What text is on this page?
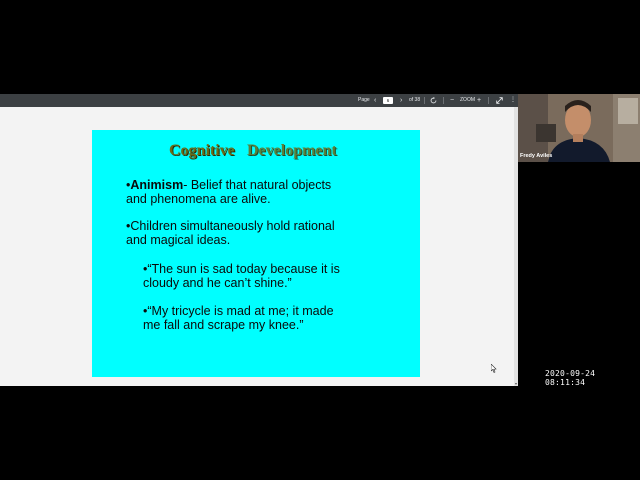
Page ‹	6	› of 38	− ZOOM +	⋮
Cognitive Development
•Animism- Belief that natural objects
and phenomena are alive.
•Children simultaneously hold rational
and magical ideas.
•“The sun is sad today because it is
cloudy and he can’t shine.”
•“My tricycle is mad at me; it made
me fall and scrape my knee.”
▾
Fredy Aviles
2020-09-24 08:11:34
